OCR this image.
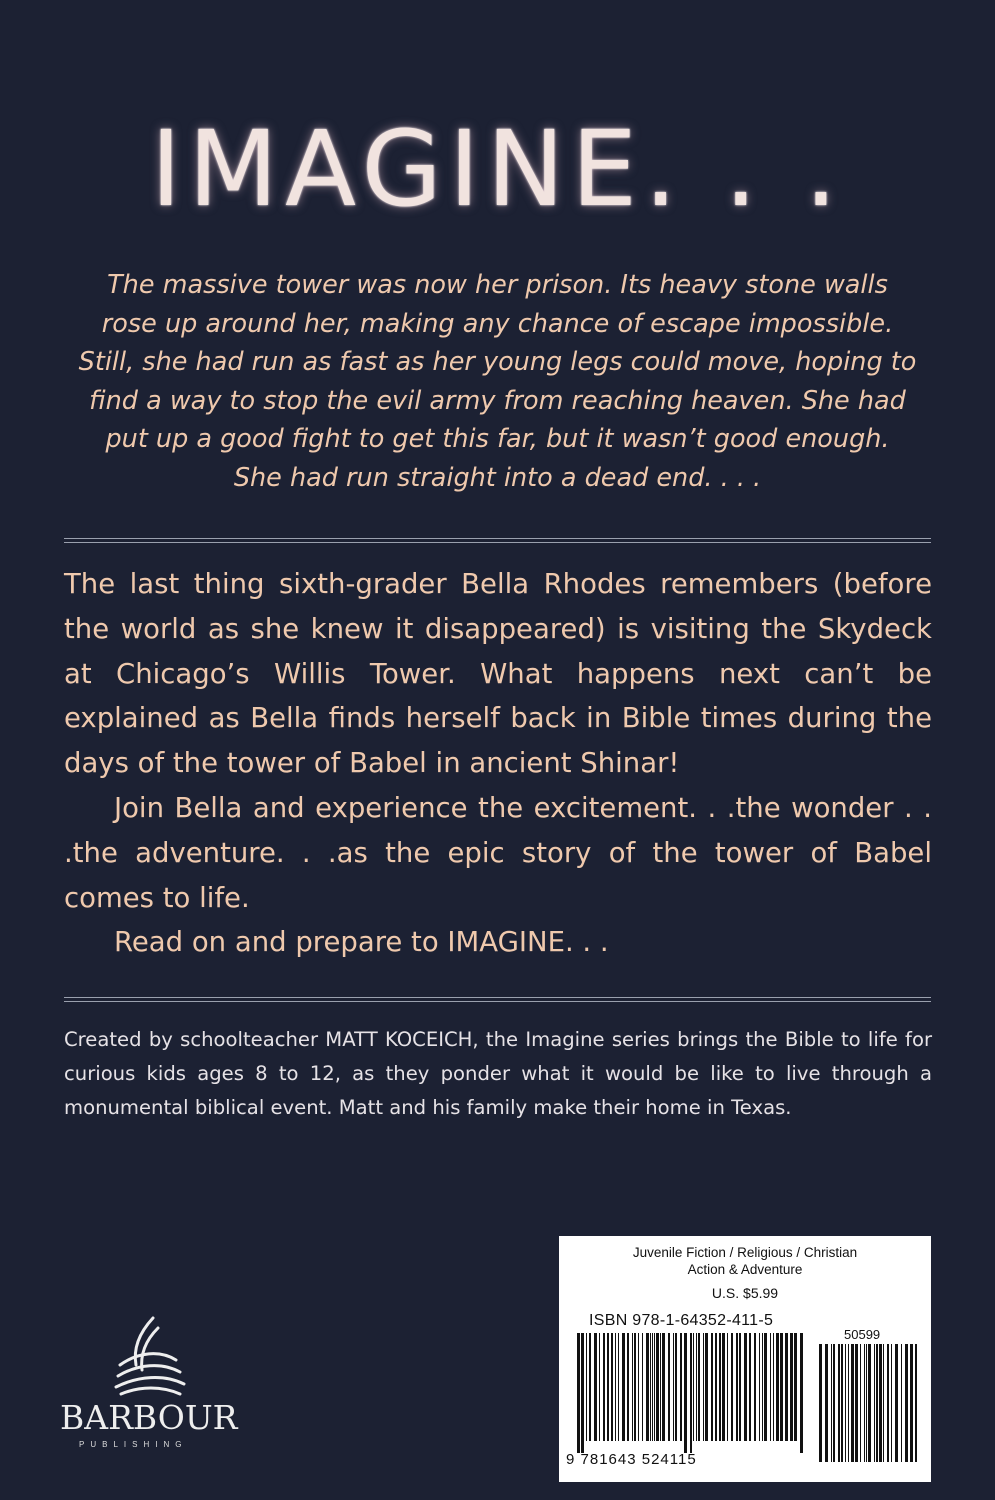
IMAGINE. . .

The massive tower was now her prison. Its heavy stone walls

rose up around her, making any chance of escape impossible.

Still, she had run as fast as her young legs could move, hoping to

find a way to stop the evil army from reaching heaven. She had

put up a good fight to get this far, but it wasn’t good enough.

She had run straight into a dead end. . . .

The last thing sixth-grader Bella Rhodes remembers (before the world as she knew it disappeared) is visiting the Skydeck at Chicago’s Willis Tower. What happens next can’t be explained as Bella finds herself back in Bible times during the days of the tower of Babel in ancient Shinar!

Join Bella and experience the excitement. . .the wonder . . .the adventure. . .as the epic story of the tower of Babel comes to life.

Read on and prepare to IMAGINE. . .

Created by schoolteacher MATT KOCEICH, the Imagine series brings the Bible to life for curious kids ages 8 to 12, as they ponder what it would be like to live through a monumental biblical event. Matt and his family make their home in Texas.

BARBOUR
PUBLISHING
Juvenile Fiction / Religious / Christian
Action & Adventure
U.S. $5.99
ISBN 978-1-64352-411-5
50599
9 781643 524115
